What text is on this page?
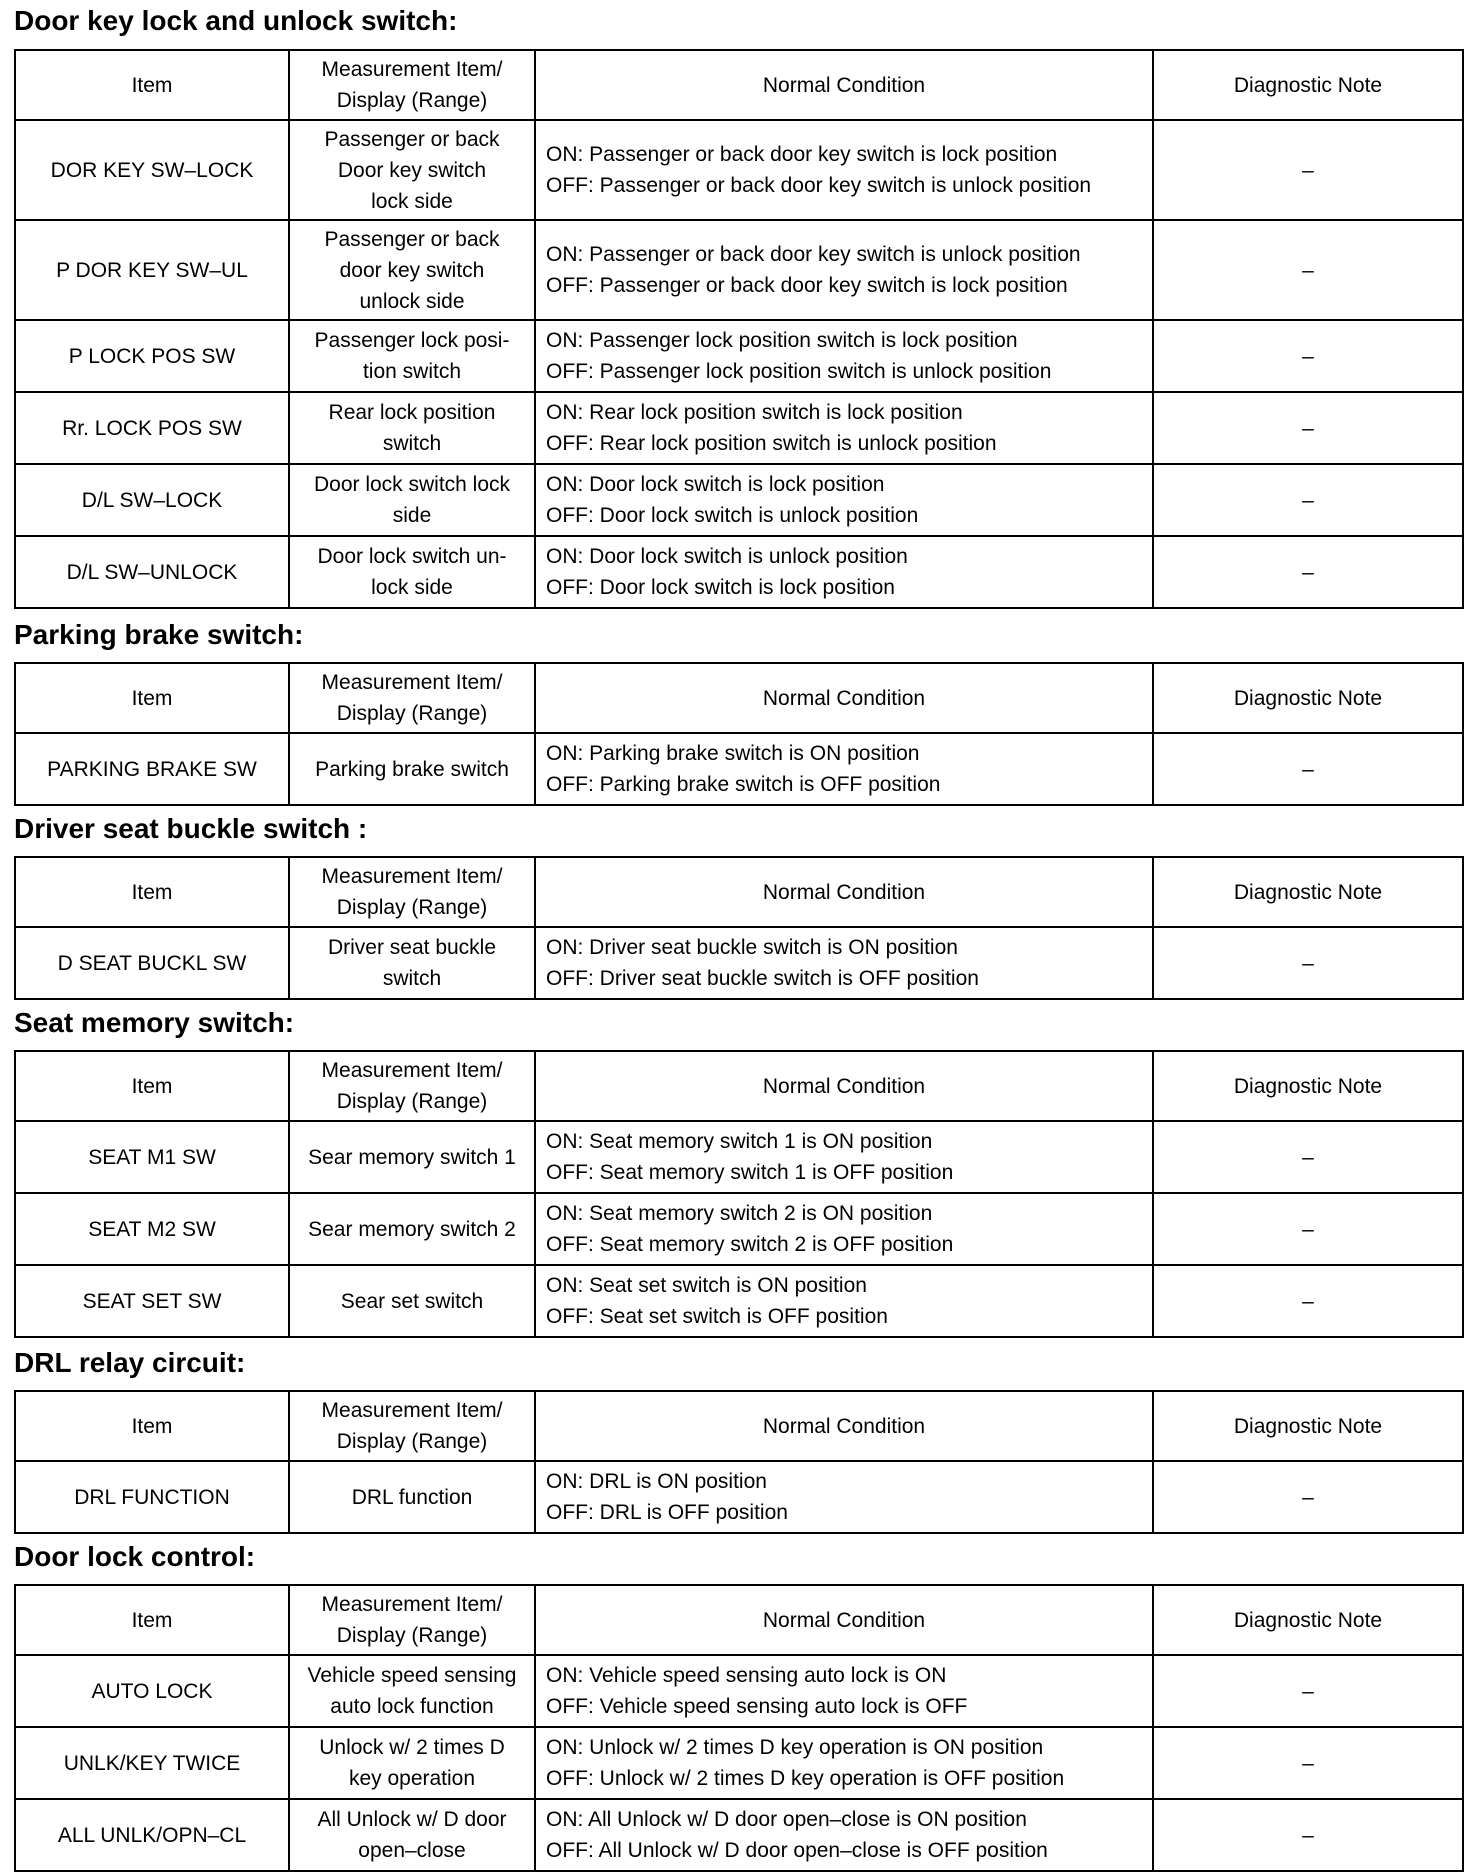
Door key lock and unlock switch:
Item	Measurement Item/
Display (Range)	Normal Condition	Diagnostic Note
DOR KEY SW–LOCK	Passenger or back
Door key switch
lock side	ON: Passenger or back door key switch is lock position
OFF: Passenger or back door key switch is unlock position	–
P DOR KEY SW–UL	Passenger or back
door key switch
unlock side	ON: Passenger or back door key switch is unlock position
OFF: Passenger or back door key switch is lock position	–
P LOCK POS SW	Passenger lock posi-
tion switch	ON: Passenger lock position switch is lock position
OFF: Passenger lock position switch is unlock position	–
Rr. LOCK POS SW	Rear lock position
switch	ON: Rear lock position switch is lock position
OFF: Rear lock position switch is unlock position	–
D/L SW–LOCK	Door lock switch lock
side	ON: Door lock switch is lock position
OFF: Door lock switch is unlock position	–
D/L SW–UNLOCK	Door lock switch un-
lock side	ON: Door lock switch is unlock position
OFF: Door lock switch is lock position	–
Parking brake switch:
Item	Measurement Item/
Display (Range)	Normal Condition	Diagnostic Note
PARKING BRAKE SW	Parking brake switch	ON: Parking brake switch is ON position
OFF: Parking brake switch is OFF position	–
Driver seat buckle switch :
Item	Measurement Item/
Display (Range)	Normal Condition	Diagnostic Note
D SEAT BUCKL SW	Driver seat buckle
switch	ON: Driver seat buckle switch is ON position
OFF: Driver seat buckle switch is OFF position	–
Seat memory switch:
Item	Measurement Item/
Display (Range)	Normal Condition	Diagnostic Note
SEAT M1 SW	Sear memory switch 1	ON: Seat memory switch 1 is ON position
OFF: Seat memory switch 1 is OFF position	–
SEAT M2 SW	Sear memory switch 2	ON: Seat memory switch 2 is ON position
OFF: Seat memory switch 2 is OFF position	–
SEAT SET SW	Sear set switch	ON: Seat set switch is ON position
OFF: Seat set switch is OFF position	–
DRL relay circuit:
Item	Measurement Item/
Display (Range)	Normal Condition	Diagnostic Note
DRL FUNCTION	DRL function	ON: DRL is ON position
OFF: DRL is OFF position	–
Door lock control:
Item	Measurement Item/
Display (Range)	Normal Condition	Diagnostic Note
AUTO LOCK	Vehicle speed sensing
auto lock function	ON: Vehicle speed sensing auto lock is ON
OFF: Vehicle speed sensing auto lock is OFF	–
UNLK/KEY TWICE	Unlock w/ 2 times D
key operation	ON: Unlock w/ 2 times D key operation is ON position
OFF: Unlock w/ 2 times D key operation is OFF position	–
ALL UNLK/OPN–CL	All Unlock w/ D door
open–close	ON: All Unlock w/ D door open–close is ON position
OFF: All Unlock w/ D door open–close is OFF position	–
